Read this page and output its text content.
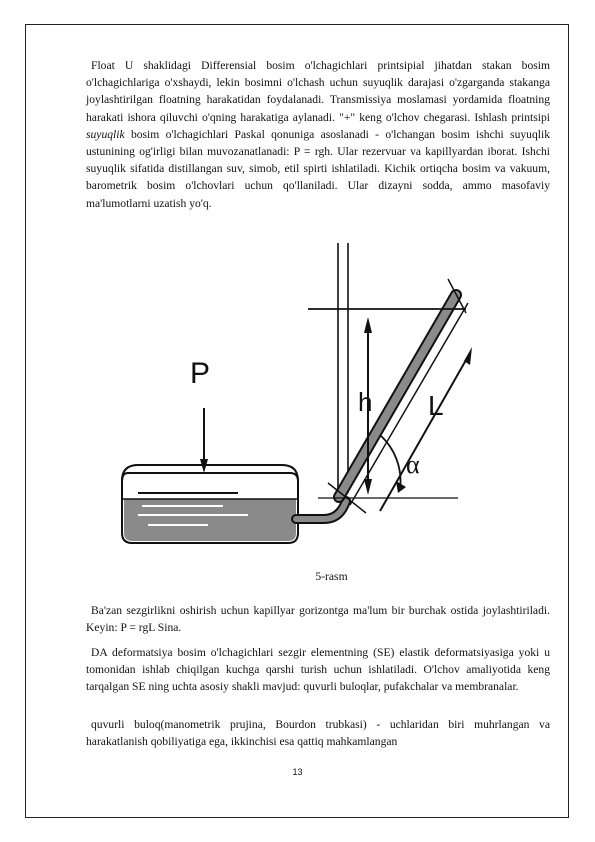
Float U shaklidagi Differensial bosim o'lchagichlari printsipial jihatdan stakan bosim o'lchagichlariga o'xshaydi, lekin bosimni o'lchash uchun suyuqlik darajasi o'zgarganda stakanga joylashtirilgan floatning harakatidan foydalanadi. Transmissiya moslamasi yordamida floatning harakati ishora qiluvchi o'qning harakatiga aylanadi. "+" keng o'lchov chegarasi. Ishlash printsipi suyuqlik bosim o'lchagichlari Paskal qonuniga asoslanadi - o'lchangan bosim ishchi suyuqlik ustunining og'irligi bilan muvozanatlanadi: P = rgh. Ular rezervuar va kapillyardan iborat. Ishchi suyuqlik sifatida distillangan suv, simob, etil spirti ishlatiladi. Kichik ortiqcha bosim va vakuum, barometrik bosim o'lchovlari uchun qo'llaniladi. Ular dizayni sodda, ammo masofaviy ma'lumotlarni uzatish yo'q.

P
h L
α
5-rasm

Ba'zan sezgirlikni oshirish uchun kapillyar gorizontga ma'lum bir burchak ostida joylashtiriladi. Keyin: P = rgL Sina.

DA deformatsiya bosim o'lchagichlari sezgir elementning (SE) elastik deformatsiyasiga yoki u tomonidan ishlab chiqilgan kuchga qarshi turish uchun ishlatiladi. O'lchov amaliyotida keng tarqalgan SE ning uchta asosiy shakli mavjud: quvurli buloqlar, pufakchalar va membranalar.

quvurli buloq(manometrik prujina, Bourdon trubkasi) - uchlaridan biri muhrlangan va harakatlanish qobiliyatiga ega, ikkinchisi esa qattiq mahkamlangan

13
